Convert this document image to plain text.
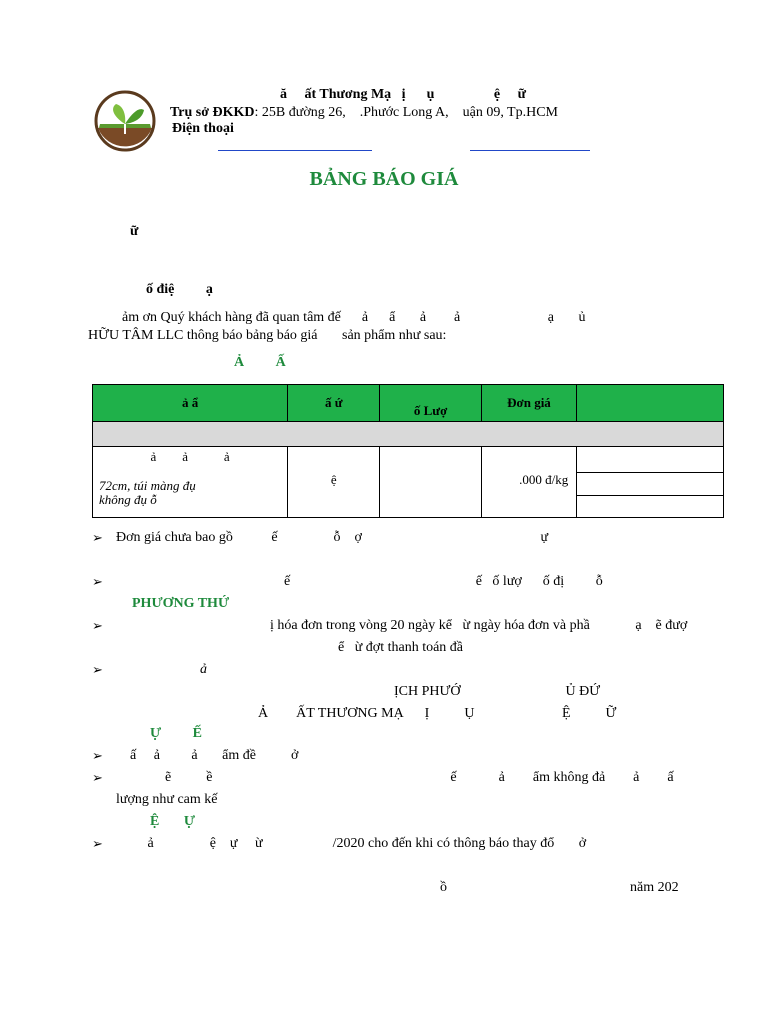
ă     ất Thương Mạ   ị      ụ                 ệ     ữ
Trụ sở ĐKKD: 25B đường 26,    .Phước Long A,    uận 09, Tp.HCM
Điện thoại
BẢNG BÁO GIÁ
ữ
ố điệ         ạ
ảm ơn Quý khách hàng đã quan tâm đế      ả      ẩ       ả        ả                         ạ       ủ
HỮU TÂM LLC thông báo bảng báo giá       sản phẩm như sau:
Ả         Ấ
ả ẩ	ấ ứ	ố Lượ	Đơn giá	

ả        ả           ả
72cm, túi màng đụ
không đụ ỗ	ệ		.000 đ/kg	

➢ Đơn giá chưa bao gồ           ế                ỗ    ợ                                                   ự
➢ ế                                                     ế   ố lượ      ố đị         ỗ
PHƯƠNG THỨ
➢ ị hóa đơn trong vòng 20 ngày kể   ừ ngày hóa đơn và phầ             ạ    ẽ đượ
ể   ừ đợt thanh toán đầ
➢ ả
ỊCH PHƯỚ                              Ủ ĐỨ
Ả        ẤT THƯƠNG MẠ      Ị          Ụ                         Ệ          Ữ
Ự         Ế
➢ ấ     ả         ả       ẩm đề          ở
➢ ẽ          ề                                                                    ế            ả        ẩm không đả        ả        ấ
lượng như cam kế
Ệ       Ự
➢ ả                ệ    ự     ừ                    /2020 cho đến khi có thông báo thay đổ       ở
ồ	năm 202
